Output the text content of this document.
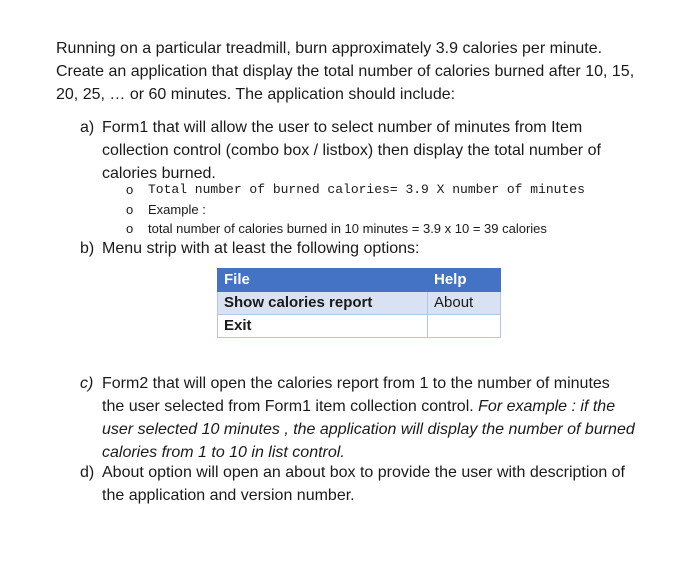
Running on a particular treadmill, burn approximately 3.9 calories per minute.
Create an application that display the total number of calories burned after 10, 15,
20, 25, … or 60 minutes. The application should include:
a) Form1 that will allow the user to select number of minutes from Item
collection control (combo box / listbox) then display the total number of
calories burned.
o Total number of burned calories= 3.9 X number of minutes
o Example :
o total number of calories burned in 10 minutes = 3.9 x 10 = 39 calories
b) Menu strip with at least the following options:
File	Help
Show calories report	About
Exit	
c) Form2 that will open the calories report from 1 to the number of minutes
the user selected from Form1 item collection control. For example : if the
user selected 10 minutes , the application will display the number of burned
calories from 1 to 10 in list control.
d) About option will open an about box to provide the user with description of
the application and version number.
